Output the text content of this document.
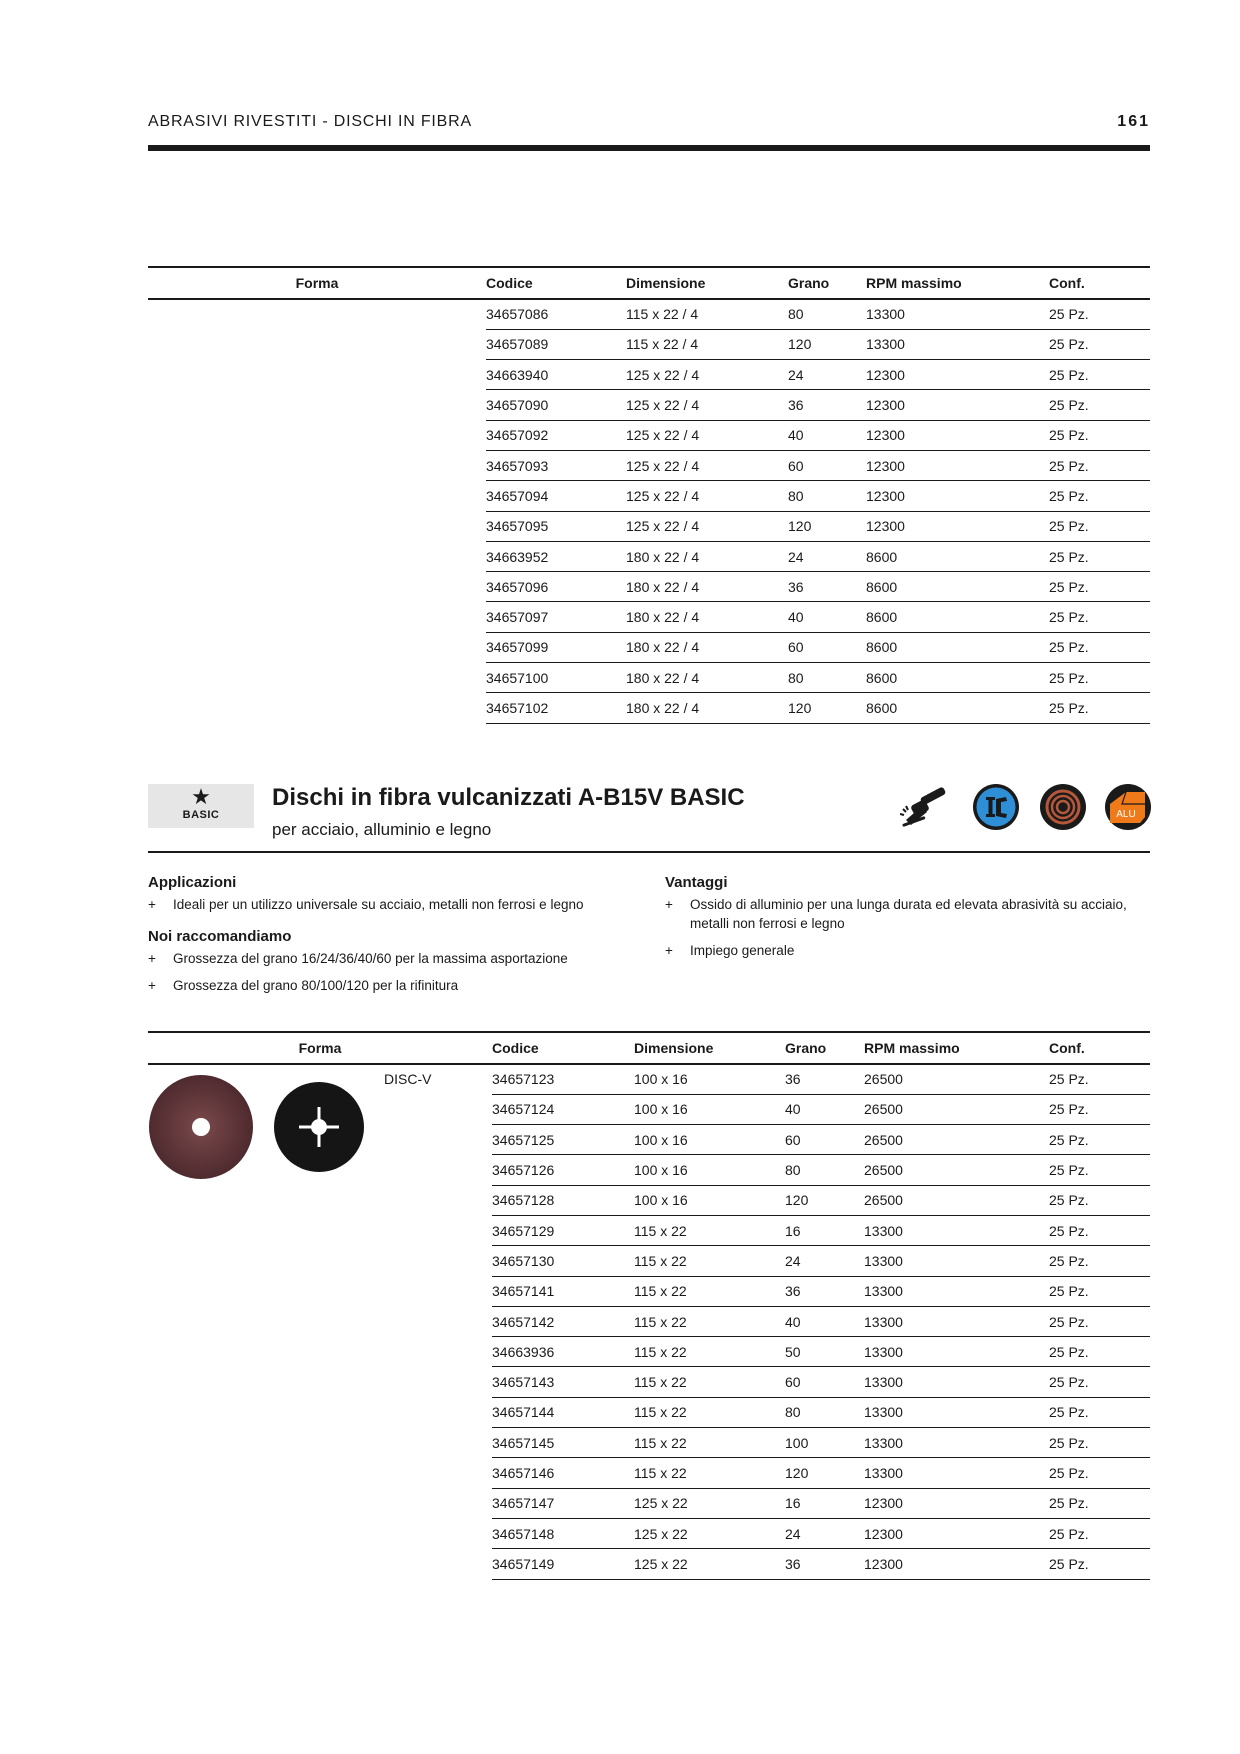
ABRASIVI RIVESTITI - DISCHI IN FIBRA	161
Forma	Codice	Dimensione	Grano	RPM massimo	Conf.
	34657086	115 x 22 / 4	80	13300	25 Pz.
	34657089	115 x 22 / 4	120	13300	25 Pz.
	34663940	125 x 22 / 4	24	12300	25 Pz.
	34657090	125 x 22 / 4	36	12300	25 Pz.
	34657092	125 x 22 / 4	40	12300	25 Pz.
	34657093	125 x 22 / 4	60	12300	25 Pz.
	34657094	125 x 22 / 4	80	12300	25 Pz.
	34657095	125 x 22 / 4	120	12300	25 Pz.
	34663952	180 x 22 / 4	24	8600	25 Pz.
	34657096	180 x 22 / 4	36	8600	25 Pz.
	34657097	180 x 22 / 4	40	8600	25 Pz.
	34657099	180 x 22 / 4	60	8600	25 Pz.
	34657100	180 x 22 / 4	80	8600	25 Pz.
	34657102	180 x 22 / 4	120	8600	25 Pz.
★
BASIC
Dischi in fibra vulcanizzati A-B15V BASIC
per acciaio, alluminio e legno
ALU
Applicazioni
+ Ideali per un utilizzo universale su acciaio, metalli non ferrosi e legno
Noi raccomandiamo
+ Grossezza del grano 16/24/36/40/60 per la massima asportazione
+ Grossezza del grano 80/100/120 per la rifinitura
Vantaggi
+ Ossido di alluminio per una lunga durata ed elevata abrasività su acciaio, metalli non ferrosi e legno
+ Impiego generale
Forma	Codice	Dimensione	Grano	RPM massimo	Conf.

DISC-V	34657123	100 x 16	36	26500	25 Pz.
	34657124	100 x 16	40	26500	25 Pz.
	34657125	100 x 16	60	26500	25 Pz.
	34657126	100 x 16	80	26500	25 Pz.
	34657128	100 x 16	120	26500	25 Pz.
	34657129	115 x 22	16	13300	25 Pz.
	34657130	115 x 22	24	13300	25 Pz.
	34657141	115 x 22	36	13300	25 Pz.
	34657142	115 x 22	40	13300	25 Pz.
	34663936	115 x 22	50	13300	25 Pz.
	34657143	115 x 22	60	13300	25 Pz.
	34657144	115 x 22	80	13300	25 Pz.
	34657145	115 x 22	100	13300	25 Pz.
	34657146	115 x 22	120	13300	25 Pz.
	34657147	125 x 22	16	12300	25 Pz.
	34657148	125 x 22	24	12300	25 Pz.
	34657149	125 x 22	36	12300	25 Pz.
